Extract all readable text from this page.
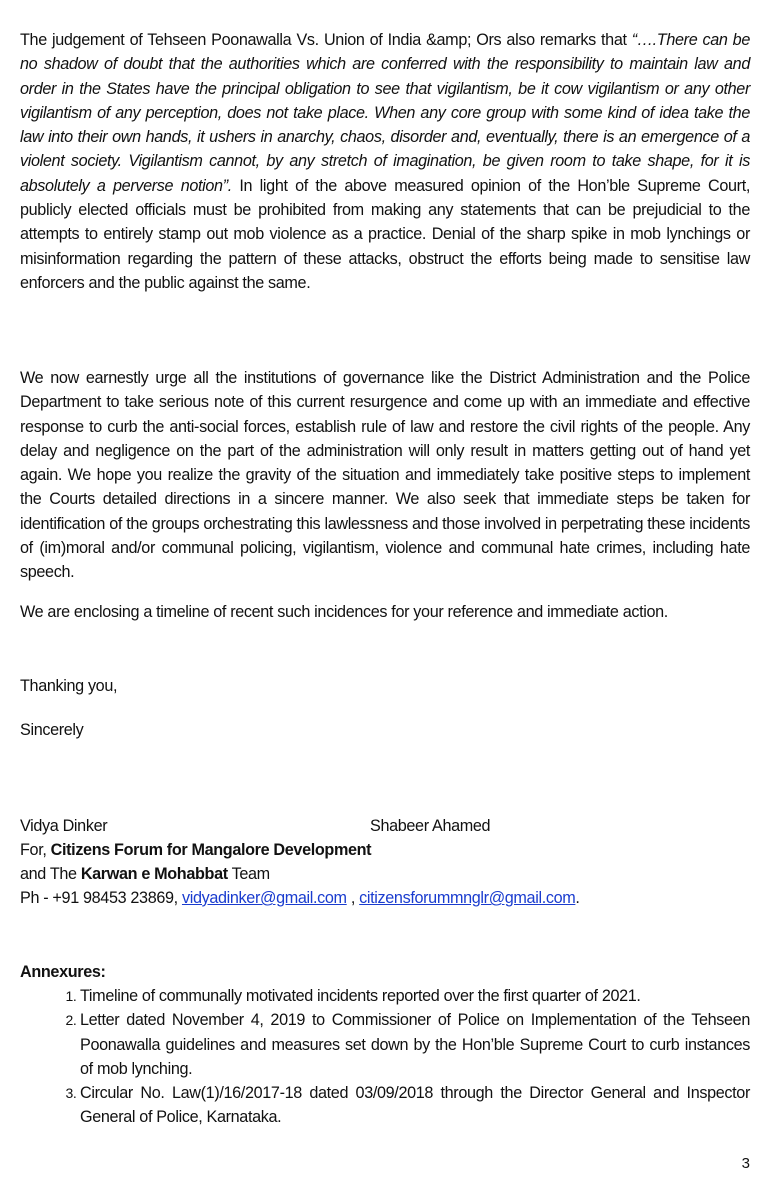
The judgement of Tehseen Poonawalla Vs. Union of India &amp; Ors also remarks that “….There can be no shadow of doubt that the authorities which are conferred with the responsibility to maintain law and order in the States have the principal obligation to see that vigilantism, be it cow vigilantism or any other vigilantism of any perception, does not take place. When any core group with some kind of idea take the law into their own hands, it ushers in anarchy, chaos, disorder and, eventually, there is an emergence of a violent society. Vigilantism cannot, by any stretch of imagination, be given room to take shape, for it is absolutely a perverse notion”. In light of the above measured opinion of the Hon’ble Supreme Court, publicly elected officials must be prohibited from making any statements that can be prejudicial to the attempts to entirely stamp out mob violence as a practice. Denial of the sharp spike in mob lynchings or misinformation regarding the pattern of these attacks, obstruct the efforts being made to sensitise law enforcers and the public against the same.

We now earnestly urge all the institutions of governance like the District Administration and the Police Department to take serious note of this current resurgence and come up with an immediate and effective response to curb the anti-social forces, establish rule of law and restore the civil rights of the people. Any delay and negligence on the part of the administration will only result in matters getting out of hand yet again. We hope you realize the gravity of the situation and immediately take positive steps to implement the Courts detailed directions in a sincere manner. We also seek that immediate steps be taken for identification of the groups orchestrating this lawlessness and those involved in perpetrating these incidents of (im)moral and/or communal policing, vigilantism, violence and communal hate crimes, including hate speech.

We are enclosing a timeline of recent such incidences for your reference and immediate action.

Thanking you,
Sincerely
Vidya Dinker	Shabeer Ahamed
For, Citizens Forum for Mangalore Development
and The Karwan e Mohabbat Team
Ph - +91 98453 23869, vidyadinker@gmail.com , citizensforummnglr@gmail.com.
Annexures:
1. Timeline of communally motivated incidents reported over the first quarter of 2021.
2. Letter dated November 4, 2019 to Commissioner of Police on Implementation of the Tehseen Poonawalla guidelines and measures set down by the Hon’ble Supreme Court to curb instances of mob lynching.
3. Circular No. Law(1)/16/2017-18 dated 03/09/2018 through the Director General and Inspector General of Police, Karnataka.
3
